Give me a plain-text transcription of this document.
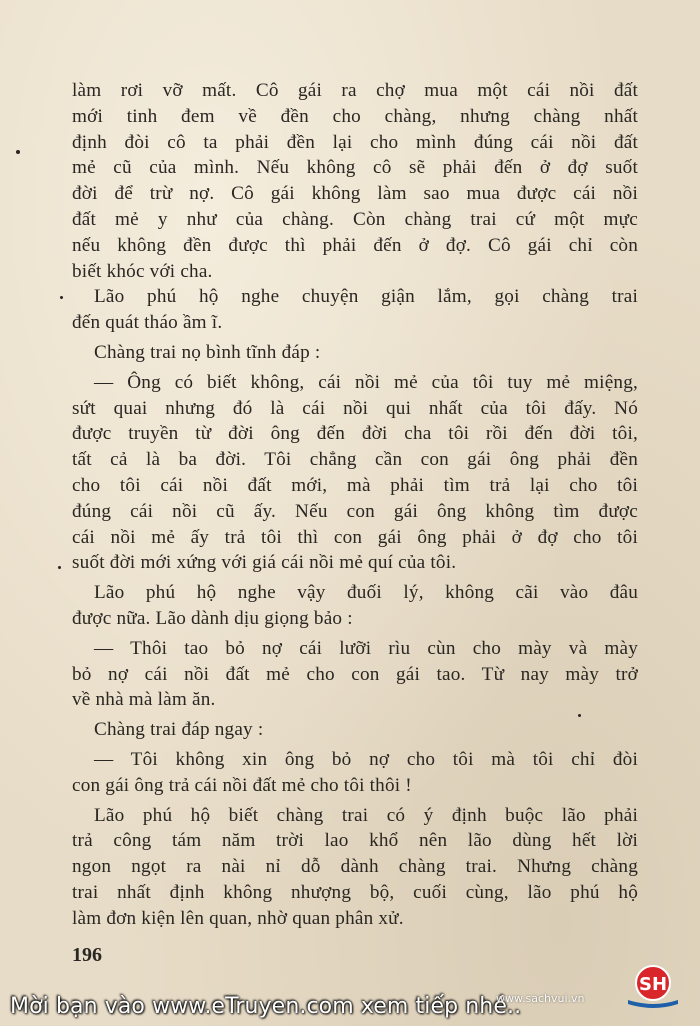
làm rơi vỡ mất. Cô gái ra chợ mua một cái nồi đất
mới tinh đem về đền cho chàng, nhưng chàng nhất
định đòi cô ta phải đền lại cho mình đúng cái nồi đất
mẻ cũ của mình. Nếu không cô sẽ phải đến ở đợ suốt
đời để trừ nợ. Cô gái không làm sao mua được cái nồi
đất mẻ y như của chàng. Còn chàng trai cứ một mực
nếu không đền được thì phải đến ở đợ. Cô gái chỉ còn
biết khóc với cha.
Lão phú hộ nghe chuyện giận lắm, gọi chàng trai
đến quát tháo ầm ĩ.
Chàng trai nọ bình tĩnh đáp :
— Ông có biết không, cái nồi mẻ của tôi tuy mẻ miệng,
sứt quai nhưng đó là cái nồi qui nhất của tôi đấy. Nó
được truyền từ đời ông đến đời cha tôi rồi đến đời tôi,
tất cả là ba đời. Tôi chẳng cần con gái ông phải đền
cho tôi cái nồi đất mới, mà phải tìm trả lại cho tôi
đúng cái nồi cũ ấy. Nếu con gái ông không tìm được
cái nồi mẻ ấy trả tôi thì con gái ông phải ở đợ cho tôi
suốt đời mới xứng với giá cái nồi mẻ quí của tôi.
Lão phú hộ nghe vậy đuối lý, không cãi vào đâu
được nữa. Lão dành dịu giọng bảo :
— Thôi tao bỏ nợ cái lưỡi rìu cùn cho mày và mày
bỏ nợ cái nồi đất mẻ cho con gái tao. Từ nay mày trở
về nhà mà làm ăn.
Chàng trai đáp ngay :
— Tôi không xin ông bỏ nợ cho tôi mà tôi chỉ đòi
con gái ông trả cái nồi đất mẻ cho tôi thôi !
Lão phú hộ biết chàng trai có ý định buộc lão phải
trả công tám năm trời lao khổ nên lão dùng hết lời
ngon ngọt ra nài nỉ dỗ dành chàng trai. Nhưng chàng
trai nhất định không nhượng bộ, cuối cùng, lão phú hộ
làm đơn kiện lên quan, nhờ quan phân xử.
196
Mời bạn vào www.eTruyen.com xem tiếp nhé..
www.sachvui.vn
SH
